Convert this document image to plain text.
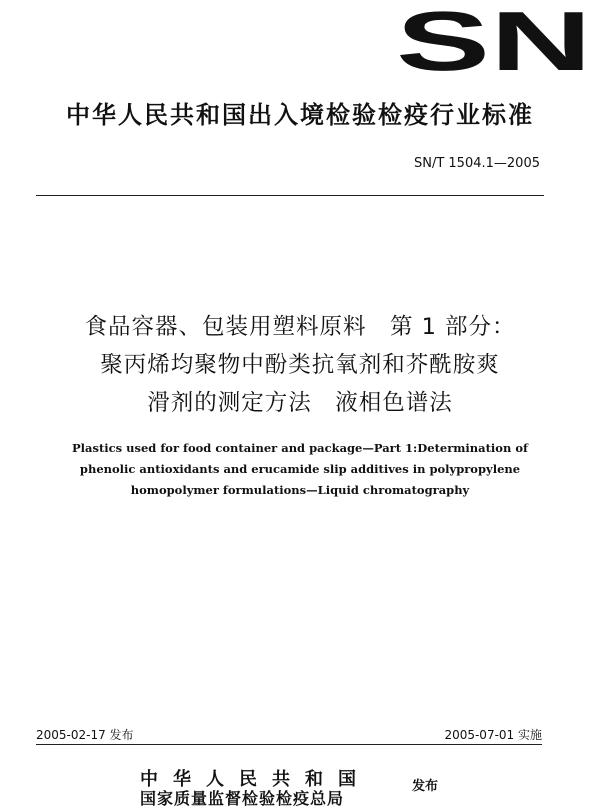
SN
中华人民共和国出入境检验检疫行业标准
SN/T 1504.1—2005
食品容器、包装用塑料原料　第 1 部分：
聚丙烯均聚物中酚类抗氧剂和芥酰胺爽
滑剂的测定方法　液相色谱法
Plastics used for food container and package—Part 1:Determination of
phenolic antioxidants and erucamide slip additives in polypropylene
homopolymer formulations—Liquid chromatography
2005-02-17 发布	2005-07-01 实施
中华人民共和国
国家质量监督检验检疫总局
发布
